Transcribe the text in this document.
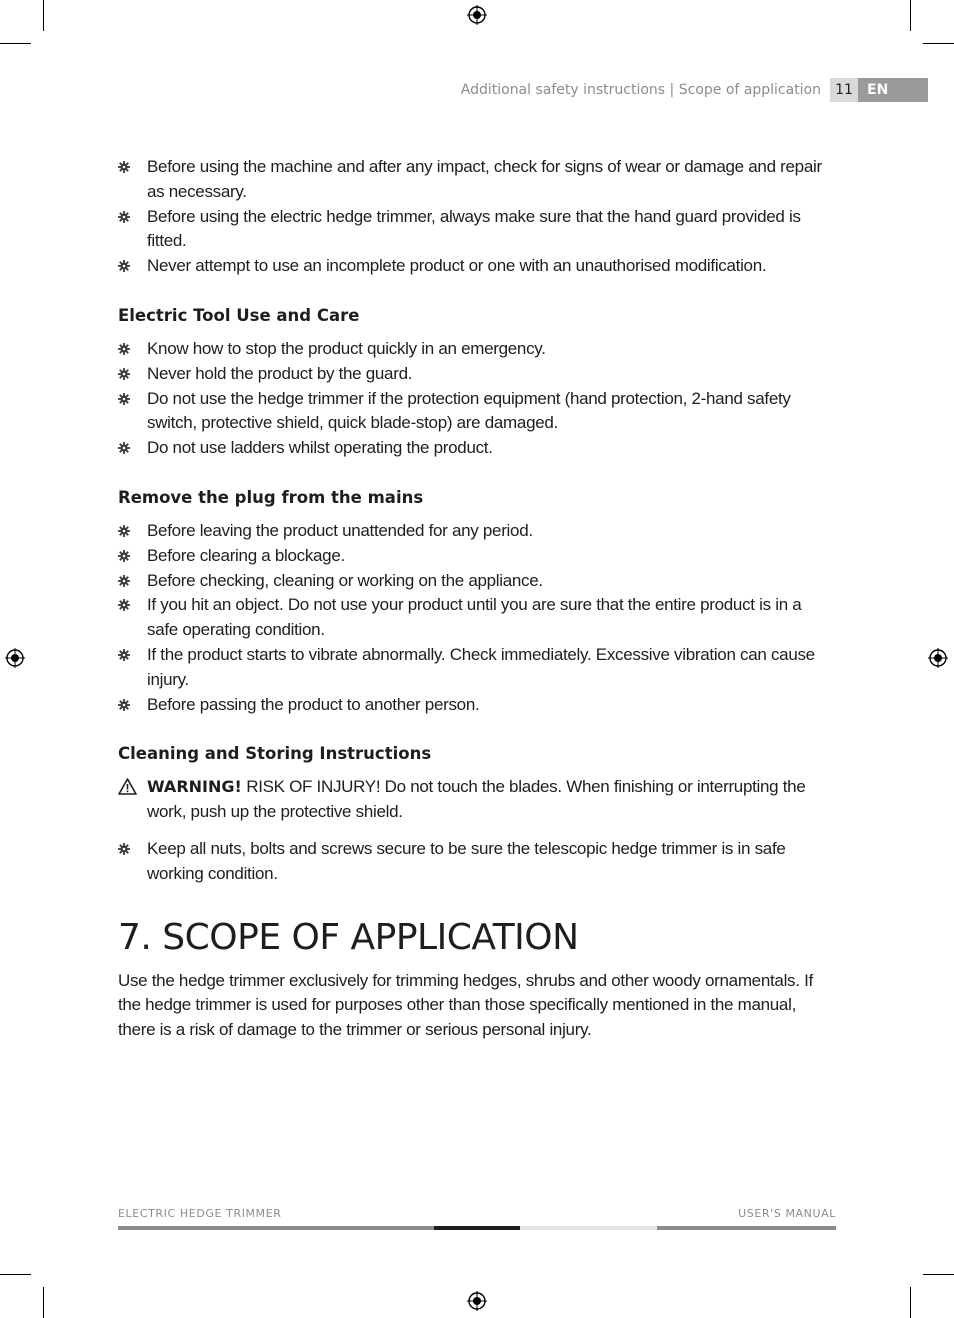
Additional safety instructions | Scope of application	11	EN
Before using the machine and after any impact, check for signs of wear or damage and repair as necessary.
Before using the electric hedge trimmer, always make sure that the hand guard provided is fitted.
Never attempt to use an incomplete product or one with an unauthorised modification.
Electric Tool Use and Care
Know how to stop the product quickly in an emergency.
Never hold the product by the guard.
Do not use the hedge trimmer if the protection equipment (hand protection, 2-hand safety switch, protective shield, quick blade-stop) are damaged.
Do not use ladders whilst operating the product.
Remove the plug from the mains
Before leaving the product unattended for any period.
Before clearing a blockage.
Before checking, cleaning or working on the appliance.
If you hit an object. Do not use your product until you are sure that the entire product is in a safe operating condition.
If the product starts to vibrate abnormally. Check immediately. Excessive vibration can cause injury.
Before passing the product to another person.
Cleaning and Storing Instructions
WARNING! RISK OF INJURY! Do not touch the blades. When finishing or interrupting the work, push up the protective shield.
Keep all nuts, bolts and screws secure to be sure the telescopic hedge trimmer is in safe working condition.
7. SCOPE OF APPLICATION

Use the hedge trimmer exclusively for trimming hedges, shrubs and other woody ornamentals. If the hedge trimmer is used for purposes other than those specifically mentioned in the manual, there is a risk of damage to the trimmer or serious personal injury.

ELECTRIC HEDGE TRIMMER	USER'S MANUAL
